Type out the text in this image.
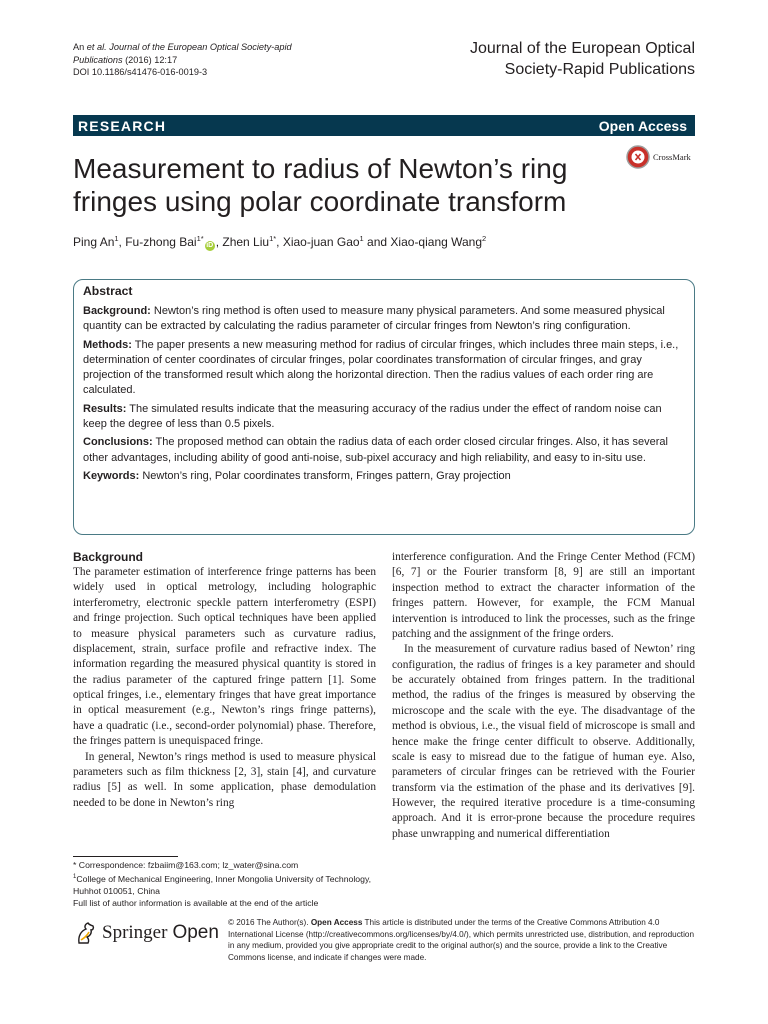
An et al. Journal of the European Optical Society-apid Publications (2016) 12:17
DOI 10.1186/s41476-016-0019-3
Journal of the European Optical
Society-Rapid Publications
RESEARCH	Open Access
Measurement to radius of Newton’s ring fringes using polar coordinate transform
CrossMark
Ping An$^1$, Fu-zhong Bai$^{1*}$iD , Zhen Liu$^{1*}$, Xiao-juan Gao$^1$ and Xiao-qiang Wang$^2$
Abstract

Background: Newton’s ring method is often used to measure many physical parameters. And some measured physical quantity can be extracted by calculating the radius parameter of circular fringes from Newton’s ring configuration.

Methods: The paper presents a new measuring method for radius of circular fringes, which includes three main steps, i.e., determination of center coordinates of circular fringes, polar coordinates transformation of circular fringes, and gray projection of the transformed result which along the horizontal direction. Then the radius values of each order ring are calculated.

Results: The simulated results indicate that the measuring accuracy of the radius under the effect of random noise can keep the degree of less than 0.5 pixels.

Conclusions: The proposed method can obtain the radius data of each order closed circular fringes. Also, it has several other advantages, including ability of good anti-noise, sub-pixel accuracy and high reliability, and easy to in-situ use.

Keywords: Newton’s ring, Polar coordinates transform, Fringes pattern, Gray projection

Background

The parameter estimation of interference fringe patterns has been widely used in optical metrology, including holographic interferometry, electronic speckle pattern interferometry (ESPI) and fringe projection. Such optical techniques have been applied to measure physical parameters such as curvature radius, displacement, strain, surface profile and refractive index. The information regarding the measured physical quantity is stored in the radius parameter of the captured fringe pattern [1]. Some optical fringes, i.e., elementary fringes that have great importance in optical measurement (e.g., Newton’s rings fringe patterns), have a quadratic (i.e., second-order polynomial) phase. Therefore, the fringes pattern is unequispaced fringe.

In general, Newton’s rings method is used to measure physical parameters such as film thickness [2, 3], stain [4], and curvature radius [5] as well. In some application, phase demodulation needed to be done in Newton’s ring

interference configuration. And the Fringe Center Method (FCM) [6, 7] or the Fourier transform [8, 9] are still an important inspection method to extract the character information of the fringes pattern. However, for example, the FCM Manual intervention is introduced to link the processes, such as the fringe patching and the assignment of the fringe orders.

In the measurement of curvature radius based of Newton’ ring configuration, the radius of fringes is a key parameter and should be accurately obtained from fringes pattern. In the traditional method, the radius of the fringes is measured by observing the microscope and the scale with the eye. The disadvantage of the method is obvious, i.e., the visual field of microscope is small and hence make the fringe center difficult to observe. Additionally, scale is easy to misread due to the fatigue of human eye. Also, parameters of circular fringes can be retrieved with the Fourier transform via the estimation of the phase and its derivatives [9]. However, the required iterative procedure is a time-consuming approach. And it is error-prone because the procedure requires phase unwrapping and numerical differentiation

* Correspondence: fzbaiim@163.com; lz_water@sina.com

$^1$College of Mechanical Engineering, Inner Mongolia University of Technology, Huhhot 010051, China

Full list of author information is available at the end of the article

Springer Open © 2016 The Author(s). Open Access This article is distributed under the terms of the Creative Commons Attribution 4.0 International License (http://creativecommons.org/licenses/by/4.0/), which permits unrestricted use, distribution, and reproduction in any medium, provided you give appropriate credit to the original author(s) and the source, provide a link to the Creative Commons license, and indicate if changes were made.
